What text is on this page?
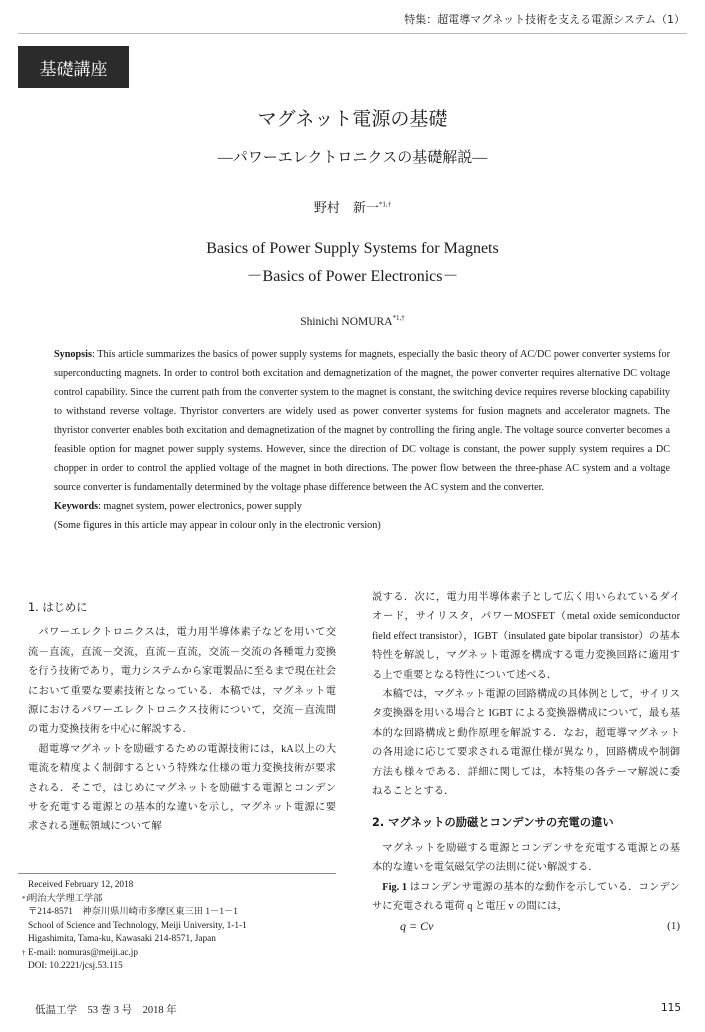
特集：超電導マグネット技術を支える電源システム（1）
基礎講座
マグネット電源の基礎
―パワーエレクトロニクスの基礎解説―
野村　新一$^{*1,\dagger}$
Basics of Power Supply Systems for Magnets
－Basics of Power Electronics－
Shinichi $NOMURA^{*1,\dagger}$

Synopsis: This article summarizes the basics of power supply systems for magnets, especially the basic theory of AC/DC power converter systems for superconducting magnets. In order to control both excitation and demagnetization of the magnet, the power converter requires alternative DC voltage control capability. Since the current path from the converter system to the magnet is constant, the switching device requires reverse blocking capability to withstand reverse voltage. Thyristor converters are widely used as power converter systems for fusion magnets and accelerator magnets. The thyristor converter enables both excitation and demagnetization of the magnet by controlling the firing angle. The voltage source converter becomes a feasible option for magnet power supply systems. However, since the direction of DC voltage is constant, the power supply system requires a DC chopper in order to control the applied voltage of the magnet in both directions. The power flow between the three-phase AC system and a voltage source converter is fundamentally determined by the voltage phase difference between the AC system and the converter.

Keywords: magnet system, power electronics, power supply

(Some figures in this article may appear in colour only in the electronic version)

1. はじめに

パワーエレクトロニクスは，電力用半導体素子などを用いて交流－直流，直流－交流，直流－直流，交流－交流の各種電力変換を行う技術であり，電力システムから家電製品に至るまで現在社会において重要な要素技術となっている．本稿では，マグネット電源におけるパワーエレクトロニクス技術について，交流－直流間の電力変換技術を中心に解説する．

超電導マグネットを励磁するための電源技術には，kA以上の大電流を精度よく制御するという特殊な仕様の電力変換技術が要求される．そこで，はじめにマグネットを励磁する電源とコンデンサを充電する電源との基本的な違いを示し，マグネット電源に要求される運転領域について解

説する．次に，電力用半導体素子として広く用いられているダイオード，サイリスタ，パワーMOSFET（metal oxide semiconductor field effect transistor），IGBT（insulated gate bipolar transistor）の基本特性を解説し，マグネット電源を構成する電力変換回路に適用する上で重要となる特性について述べる．

本稿では，マグネット電源の回路構成の具体例として，サイリスタ変換器を用いる場合と IGBT による変換器構成について，最も基本的な回路構成と動作原理を解説する．なお，超電導マグネットの各用途に応じて要求される電源仕様が異なり，回路構成や制御方法も様々である．詳細に関しては，本特集の各テーマ解説に委ねることとする．

2. マグネットの励磁とコンデンサの充電の違い

マグネットを励磁する電源とコンデンサを充電する電源との基本的な違いを電気磁気学の法則に従い解説する．

Fig. 1 はコンデンサ電源の基本的な動作を示している．コンデンサに充電される電荷 q と電圧 v の間には，

q = Cv	(1)
Received February 12, 2018
*1 明治大学理工学部
〒214-8571　神奈川県川崎市多摩区東三田 1－1－1
School of Science and Technology, Meiji University, 1-1-1
Higashimita, Tama-ku, Kawasaki 214-8571, Japan
† E-mail: nomuras@meiji.ac.jp
DOI: 10.2221/jcsj.53.115
低温工学　53 巻 3 号　2018 年	115
